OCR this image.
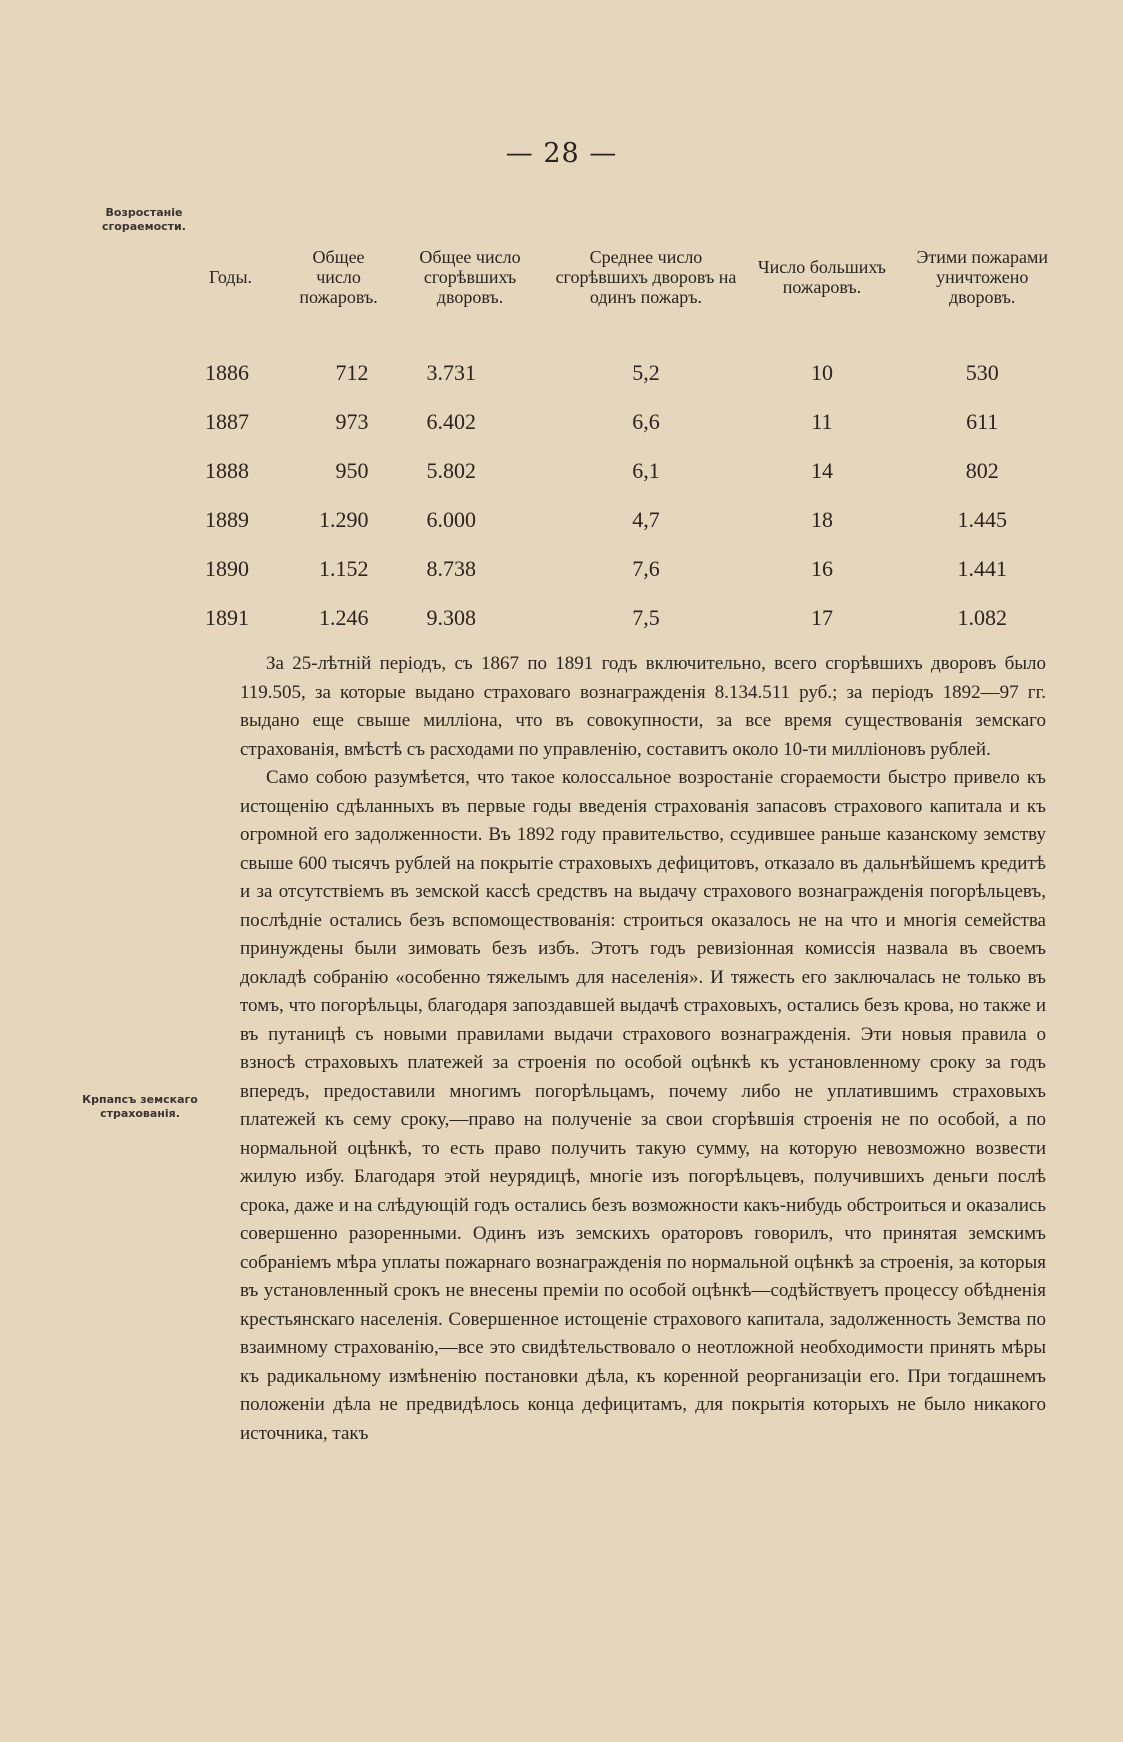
— 28 —
Возростаніе сгораемости.
Крпапсъ земскаго страхованія.
Годы.	Общее число пожаровъ.	Общее число сгорѣвшихъ дворовъ.	Среднее число сгорѣвшихъ дворовъ на одинъ пожаръ.	Число большихъ пожаровъ.	Этими пожарами уничтожено дворовъ.
1886	712	3.731	5,2	10	530
1887	973	6.402	6,6	11	611
1888	950	5.802	6,1	14	802
1889	1.290	6.000	4,7	18	1.445
1890	1.152	8.738	7,6	16	1.441
1891	1.246	9.308	7,5	17	1.082

За 25-лѣтній періодъ, съ 1867 по 1891 годъ включительно, всего сгорѣвшихъ дворовъ было 119.505, за которые выдано страховаго вознагражденія 8.134.511 руб.; за періодъ 1892—97 гг. выдано еще свыше милліона, что въ совокупности, за все время существованія земскаго страхованія, вмѣстѣ съ расходами по управленію, составитъ около 10-ти милліоновъ рублей.

Само собою разумѣется, что такое колоссальное возростаніе сгораемости быстро привело къ истощенію сдѣланныхъ въ первые годы введенія страхованія запасовъ страхового капитала и къ огромной его задолженности. Въ 1892 году правительство, ссудившее раньше казанскому земству свыше 600 тысячъ рублей на покрытіе страховыхъ дефицитовъ, отказало въ дальнѣйшемъ кредитѣ и за отсутствіемъ въ земской кассѣ средствъ на выдачу страхового вознагражденія погорѣльцевъ, послѣдніе остались безъ вспомоществованія: строиться оказалось не на что и многія семейства принуждены были зимовать безъ избъ. Этотъ годъ ревизіонная комиссія назвала въ своемъ докладѣ собранію «особенно тяжелымъ для населенія». И тяжесть его заключалась не только въ томъ, что погорѣльцы, благодаря запоздавшей выдачѣ страховыхъ, остались безъ крова, но также и въ путаницѣ съ новыми правилами выдачи страхового вознагражденія. Эти новыя правила о взносѣ страховыхъ платежей за строенія по особой оцѣнкѣ къ установленному сроку за годъ впередъ, предоставили многимъ погорѣльцамъ, почему либо не уплатившимъ страховыхъ платежей къ сему сроку,—право на полученіе за свои сгорѣвшія строенія не по особой, а по нормальной оцѣнкѣ, то есть право получить такую сумму, на которую невозможно возвести жилую избу. Благодаря этой неурядицѣ, многіе изъ погорѣльцевъ, получившихъ деньги послѣ срока, даже и на слѣдующій годъ остались безъ возможности какъ-нибудь обстроиться и оказались совершенно разоренными. Одинъ изъ земскихъ ораторовъ говорилъ, что принятая земскимъ собраніемъ мѣра уплаты пожарнаго вознагражденія по нормальной оцѣнкѣ за строенія, за которыя въ установленный срокъ не внесены преміи по особой оцѣнкѣ—содѣйствуетъ процессу обѣдненія крестьянскаго населенія. Совершенное истощеніе страхового капитала, задолженность Земства по взаимному страхованію,—все это свидѣтельствовало о неотложной необходимости принять мѣры къ радикальному измѣненію постановки дѣла, къ коренной реорганизаціи его. При тогдашнемъ положеніи дѣла не предвидѣлось конца дефицитамъ, для покрытія которыхъ не было никакого источника, такъ
